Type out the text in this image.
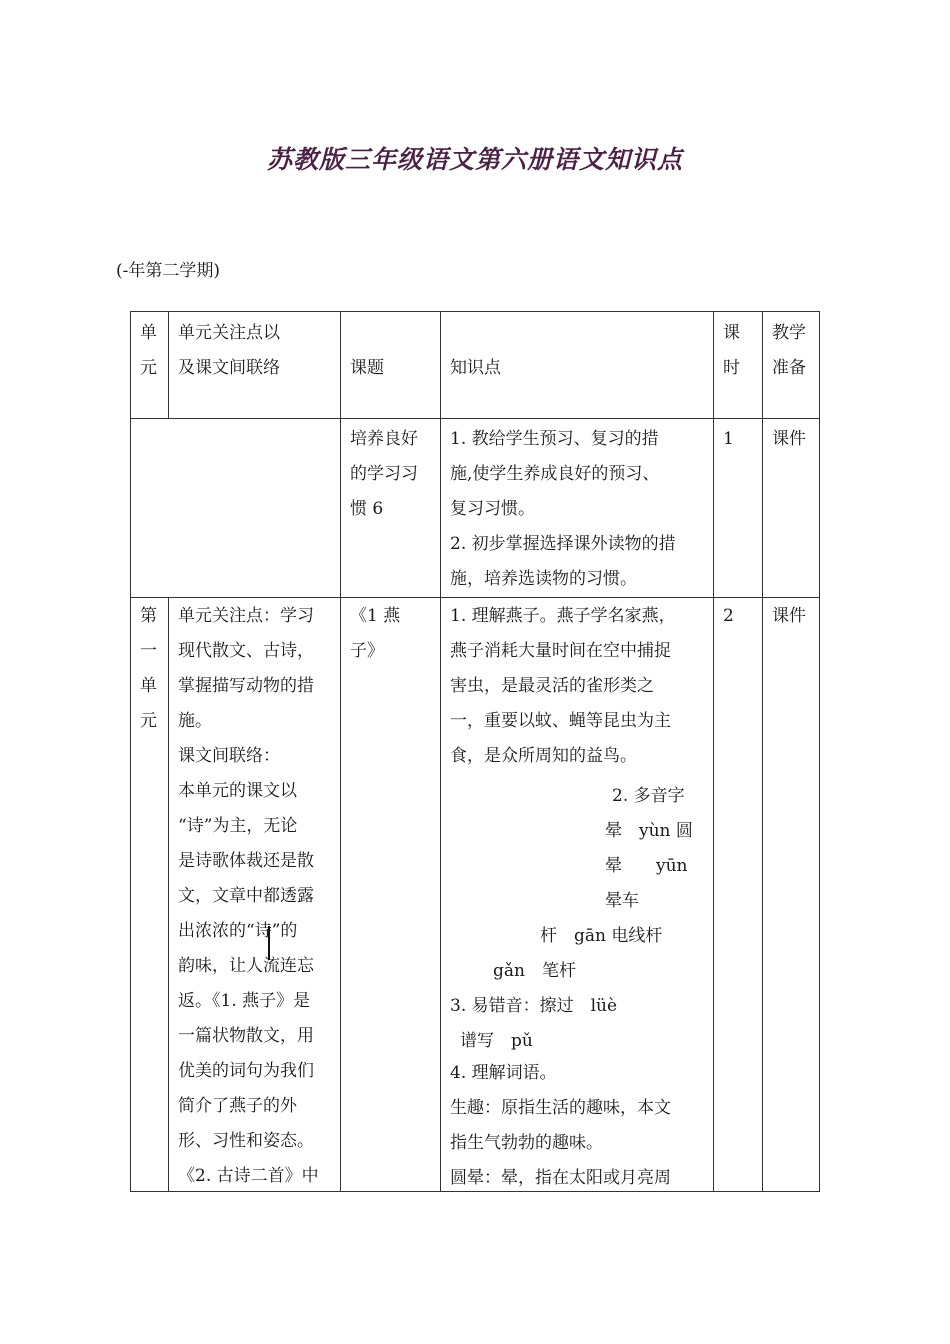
苏教版三年级语文第六册语文知识点
(-年第二学期)
单
元
单元关注点以
及课文间联络	课题	知识点
课
时
教学
准备
培养良好
的学习习
惯 6
1. 教给学生预习、复习的措
施,使学生养成良好的预习、
复习习惯。
2. 初步掌握选择课外读物的措
施，培养选读物的习惯。
1 课件
第
一
单
元
单元关注点：学习
现代散文、古诗，
掌握描写动物的措
施。
课文间联络：
本单元的课文以
“诗”为主，无论
是诗歌体裁还是散
文，文章中都透露
出浓浓的“诗”的
韵味，让人流连忘
返。《1. 燕子》是
一篇状物散文，用
优美的词句为我们
简介了燕子的外
形、习性和姿态。
《2. 古诗二首》中
《1 燕
子》
1. 理解燕子。燕子学名家燕，
燕子消耗大量时间在空中捕捉
害虫，是最灵活的雀形类之
一，重要以蚊、蝇等昆虫为主
食，是众所周知的益鸟。
2. 多音字
晕　yùn 圆
晕　　yūn
晕车
杆　gān 电线杆
gǎn　笔杆
3. 易错音：擦过　lüè
谱写　pǔ
4. 理解词语。
生趣：原指生活的趣味，本文
指生气勃勃的趣味。
圆晕：晕，指在太阳或月亮周
2 课件
